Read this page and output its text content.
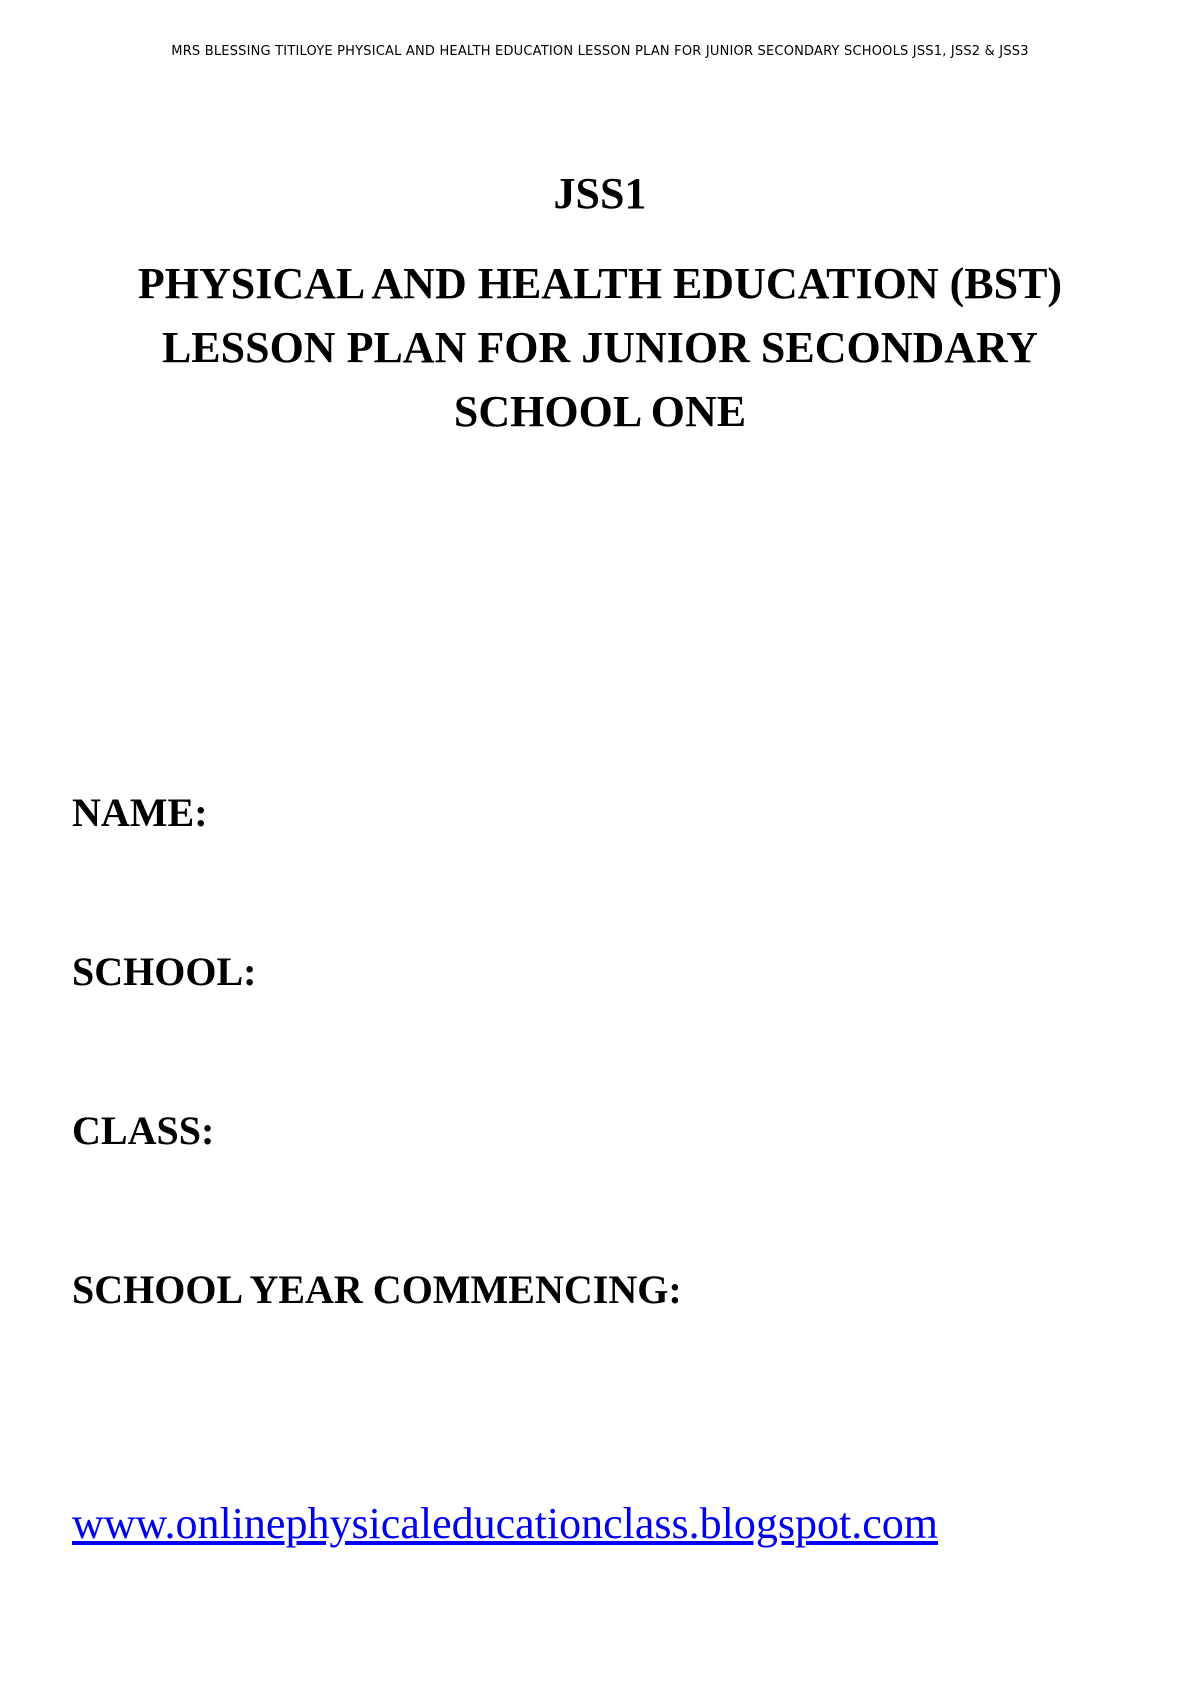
MRS BLESSING TITILOYE PHYSICAL AND HEALTH EDUCATION LESSON PLAN FOR JUNIOR SECONDARY SCHOOLS JSS1, JSS2 & JSS3
JSS1
PHYSICAL AND HEALTH EDUCATION (BST)
LESSON PLAN FOR JUNIOR SECONDARY
SCHOOL ONE
NAME:
SCHOOL:
CLASS:
SCHOOL YEAR COMMENCING:
www.onlinephysicaleducationclass.blogspot.com
